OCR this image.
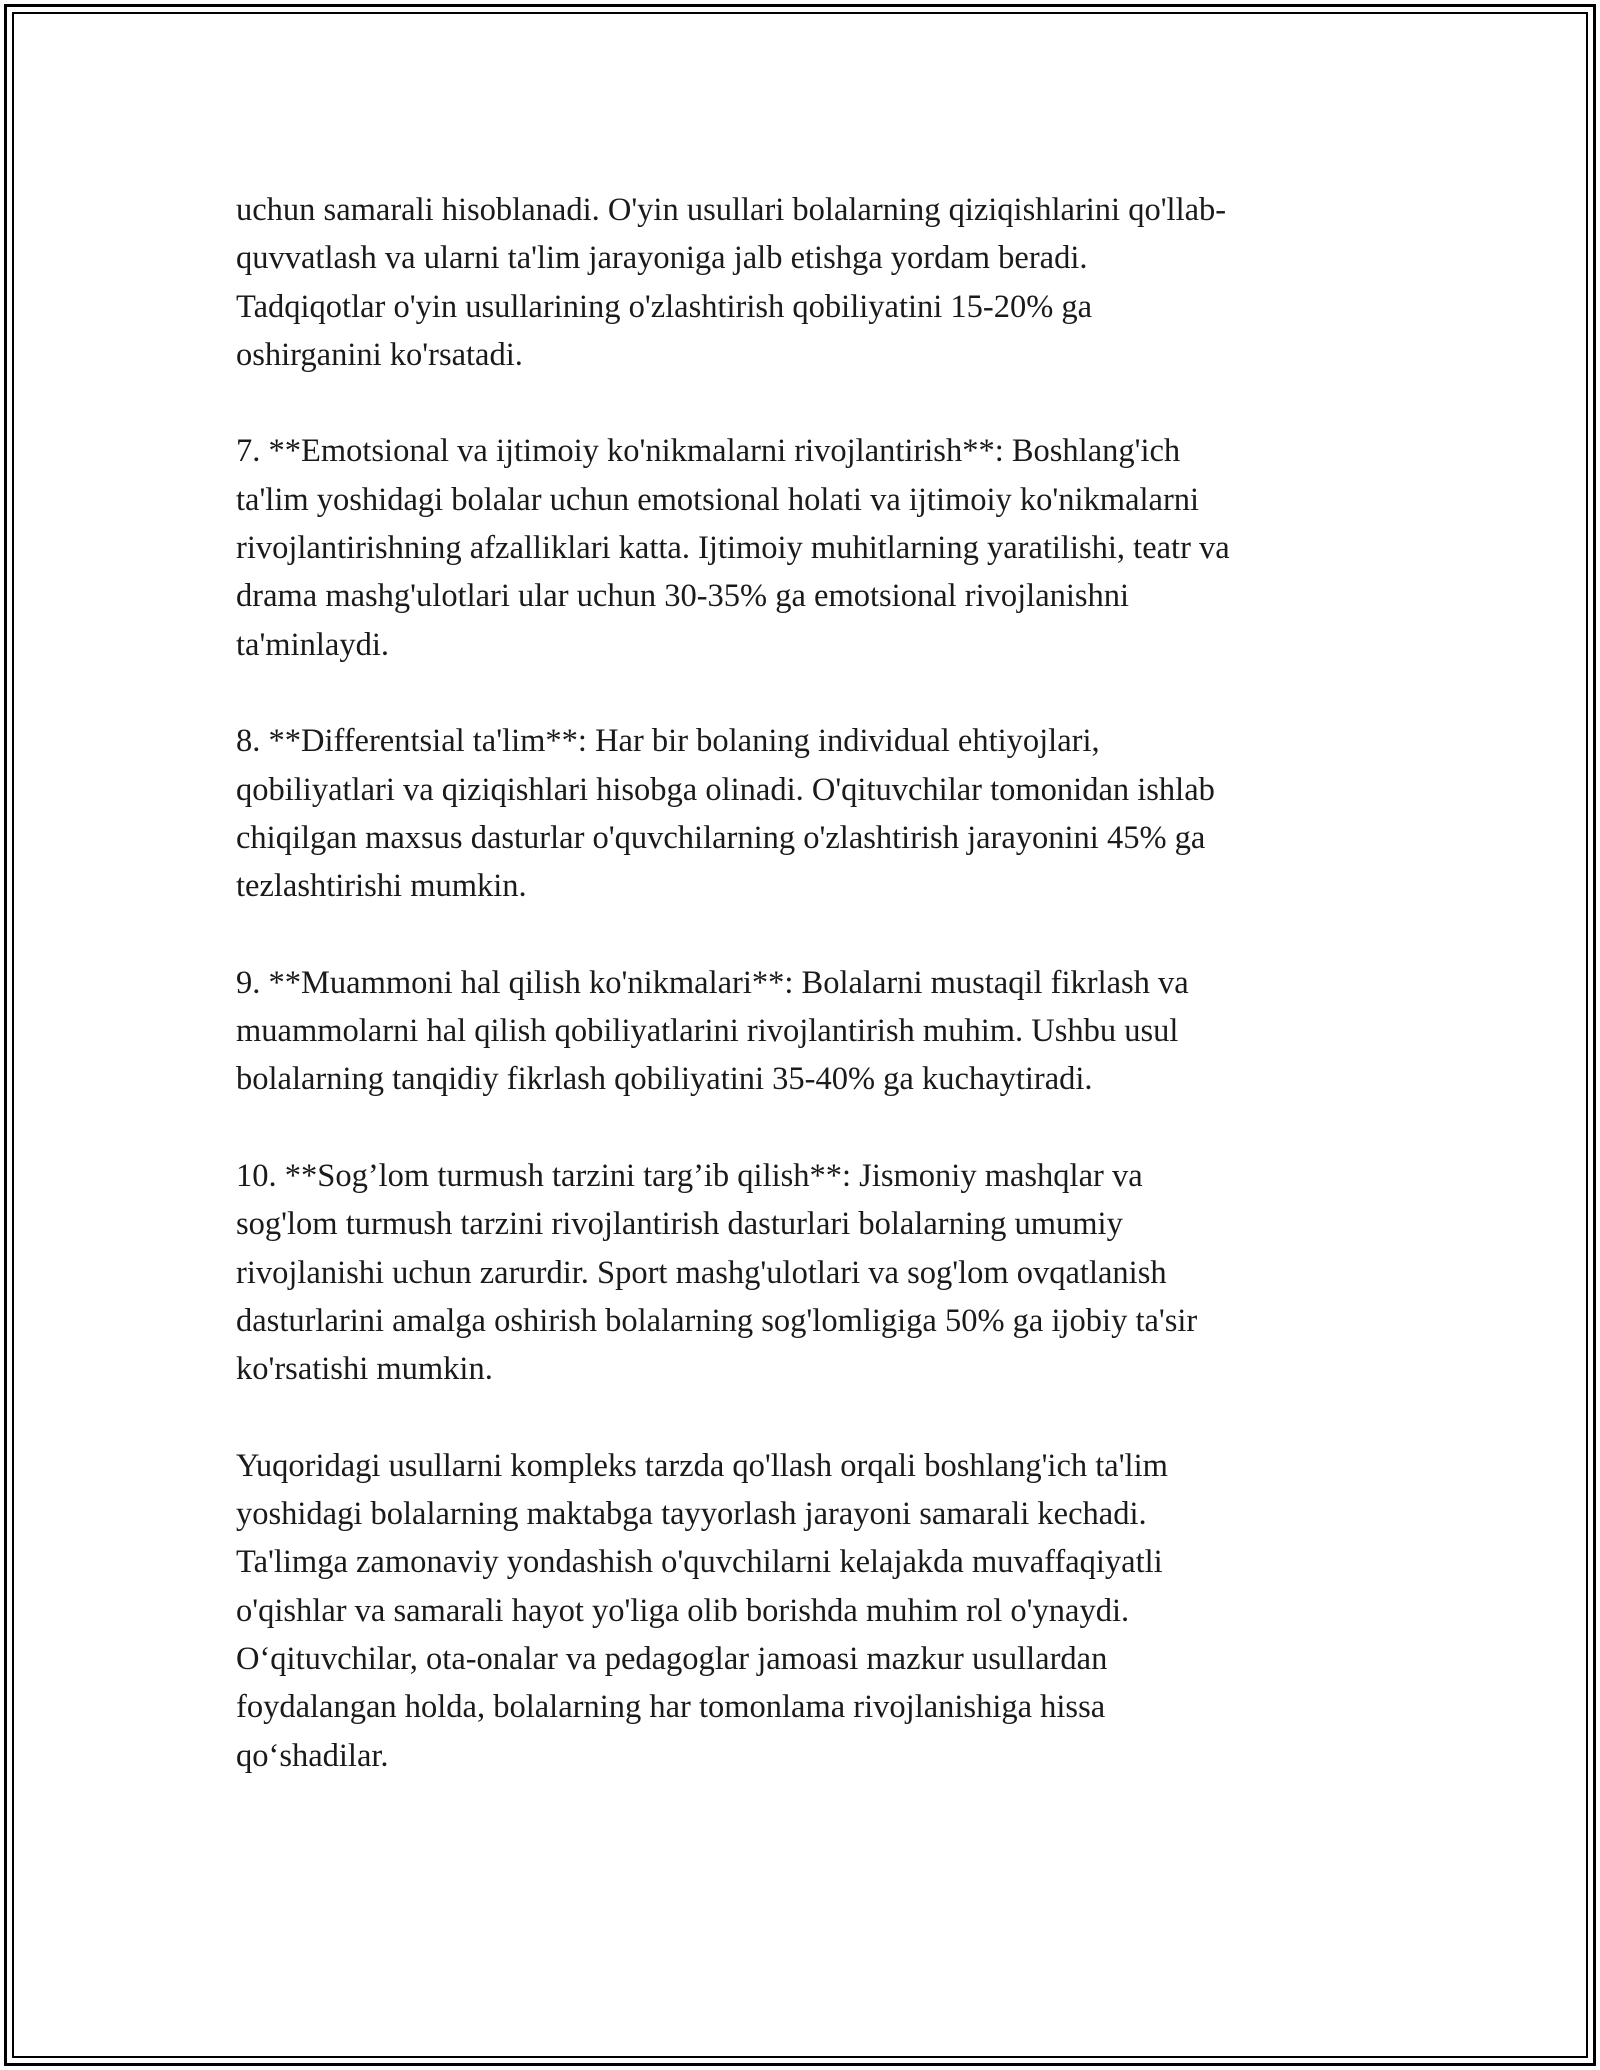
uchun samarali hisoblanadi. O'yin usullari bolalarning qiziqishlarini qo'llab-
quvvatlash va ularni ta'lim jarayoniga jalb etishga yordam beradi.
Tadqiqotlar o'yin usullarining o'zlashtirish qobiliyatini 15-20% ga
oshirganini ko'rsatadi.

7. **Emotsional va ijtimoiy ko'nikmalarni rivojlantirish**: Boshlang'ich
ta'lim yoshidagi bolalar uchun emotsional holati va ijtimoiy ko'nikmalarni
rivojlantirishning afzalliklari katta. Ijtimoiy muhitlarning yaratilishi, teatr va
drama mashg'ulotlari ular uchun 30-35% ga emotsional rivojlanishni
ta'minlaydi.

8. **Differentsial ta'lim**: Har bir bolaning individual ehtiyojlari,
qobiliyatlari va qiziqishlari hisobga olinadi. O'qituvchilar tomonidan ishlab
chiqilgan maxsus dasturlar o'quvchilarning o'zlashtirish jarayonini 45% ga
tezlashtirishi mumkin.

9. **Muammoni hal qilish ko'nikmalari**: Bolalarni mustaqil fikrlash va
muammolarni hal qilish qobiliyatlarini rivojlantirish muhim. Ushbu usul
bolalarning tanqidiy fikrlash qobiliyatini 35-40% ga kuchaytiradi.

10. **Sog’lom turmush tarzini targ’ib qilish**: Jismoniy mashqlar va
sog'lom turmush tarzini rivojlantirish dasturlari bolalarning umumiy
rivojlanishi uchun zarurdir. Sport mashg'ulotlari va sog'lom ovqatlanish
dasturlarini amalga oshirish bolalarning sog'lomligiga 50% ga ijobiy ta'sir
ko'rsatishi mumkin.

Yuqoridagi usullarni kompleks tarzda qo'llash orqali boshlang'ich ta'lim
yoshidagi bolalarning maktabga tayyorlash jarayoni samarali kechadi.
Ta'limga zamonaviy yondashish o'quvchilarni kelajakda muvaffaqiyatli
o'qishlar va samarali hayot yo'liga olib borishda muhim rol o'ynaydi.
O‘qituvchilar, ota-onalar va pedagoglar jamoasi mazkur usullardan
foydalangan holda, bolalarning har tomonlama rivojlanishiga hissa
qo‘shadilar.
